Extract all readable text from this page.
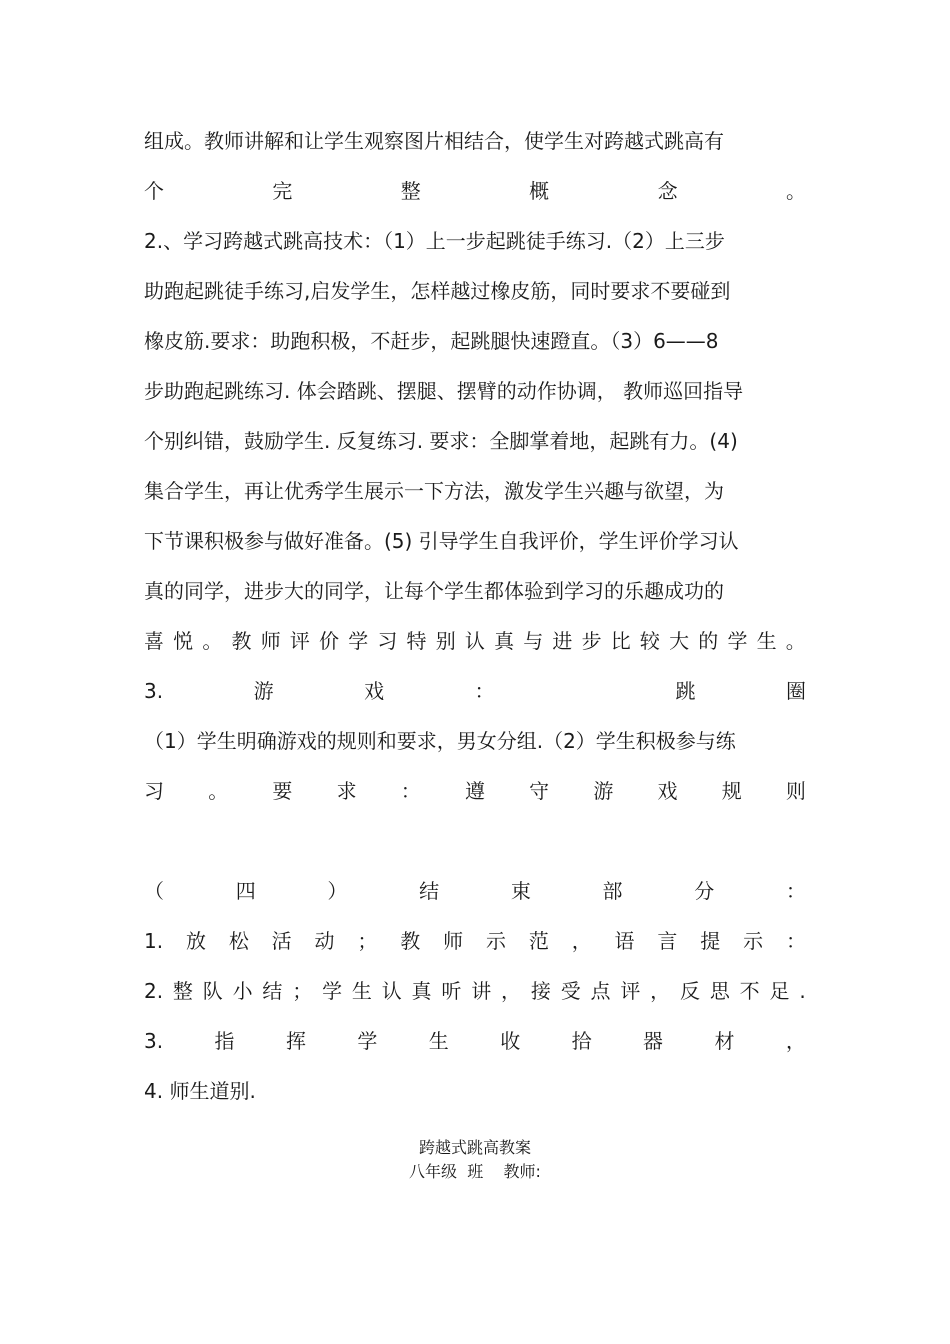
组成。教师讲解和让学生观察图片相结合，使学生对跨越式跳高有
个	完	整	概	念	。
2.、学习跨越式跳高技术：（1）上一步起跳徒手练习.（2）上三步
助跑起跳徒手练习,启发学生，怎样越过橡皮筋，同时要求不要碰到
橡皮筋.要求：助跑积极，不赶步，起跳腿快速蹬直。（3）6——8
步助跑起跳练习. 体会踏跳、摆腿、摆臂的动作协调， 教师巡回指导
个别纠错，鼓励学生. 反复练习. 要求：全脚掌着地，起跳有力。(4)
集合学生，再让优秀学生展示一下方法，激发学生兴趣与欲望，为
下节课积极参与做好准备。(5) 引导学生自我评价，学生评价学习认
真的同学，进步大的同学，让每个学生都体验到学习的乐趣成功的
喜 悦 。 教 师 评 价 学 习 特 别 认 真 与 进 步 比 较 大 的 学 生 。
3.	游	戏	：	跳	圈
（1）学生明确游戏的规则和要求，男女分组.（2）学生积极参与练
习 。 要 求 ： 遵 守 游 戏 规 则
（	四	）	结	束	部	分	：
1. 放 松 活 动 ； 教 师 示 范 ， 语 言 提 示 ：
2. 整 队 小 结 ； 学 生 认 真 听 讲 ， 接 受 点 评 ， 反 思 不 足 .
3.	指	挥	学	生	收	拾	器	材	，
4. 师生道别.
跨越式跳高教案
八年级  班    教师:
